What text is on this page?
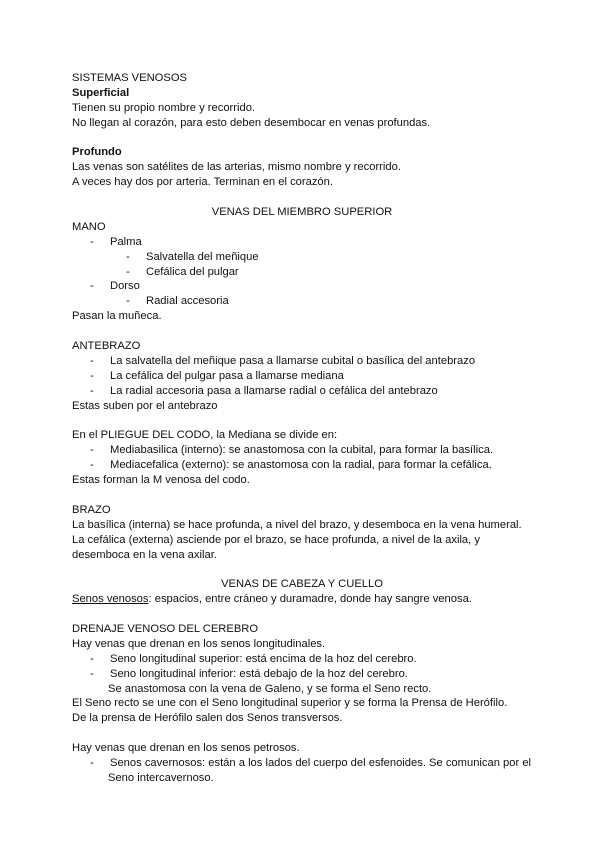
SISTEMAS VENOSOS
Superficial
Tienen su propio nombre y recorrido.
No llegan al corazón, para esto deben desembocar en venas profundas.
Profundo
Las venas son satélites de las arterias, mismo nombre y recorrido.
A veces hay dos por arteria. Terminan en el corazón.
VENAS DEL MIEMBRO SUPERIOR
MANO
- Palma
- Salvatella del meñique
- Cefálica del pulgar
- Dorso
- Radial accesoria
Pasan la muñeca.
ANTEBRAZO
- La salvatella del meñique pasa a llamarse cubital o basílica del antebrazo
- La cefálica del pulgar pasa a llamarse mediana
- La radial accesoria pasa a llamarse radial o cefálica del antebrazo
Estas suben por el antebrazo
En el PLIEGUE DEL CODO, la Mediana se divide en:
- Mediabasilica (interno): se anastomosa con la cubital, para formar la basílica.
- Mediacefalica (externo): se anastomosa con la radial, para formar la cefálica.
Estas forman la M venosa del codo.
BRAZO
La basílica (interna) se hace profunda, a nivel del brazo, y desemboca en la vena humeral.
La cefálica (externa) asciende por el brazo, se hace profunda, a nivel de la axila, y
desemboca en la vena axilar.
VENAS DE CABEZA Y CUELLO
Senos venosos: espacios, entre cráneo y duramadre, donde hay sangre venosa.
DRENAJE VENOSO DEL CEREBRO
Hay venas que drenan en los senos longitudinales.
- Seno longitudinal superior: está encima de la hoz del cerebro.
- Seno longitudinal inferior: está debajo de la hoz del cerebro.
Se anastomosa con la vena de Galeno, y se forma el Seno recto.
El Seno recto se une con el Seno longitudinal superior y se forma la Prensa de Herófilo.
De la prensa de Herófilo salen dos Senos transversos.
Hay venas que drenan en los senos petrosos.
- Senos cavernosos: están a los lados del cuerpo del esfenoides. Se comunican por el
Seno intercavernoso.
